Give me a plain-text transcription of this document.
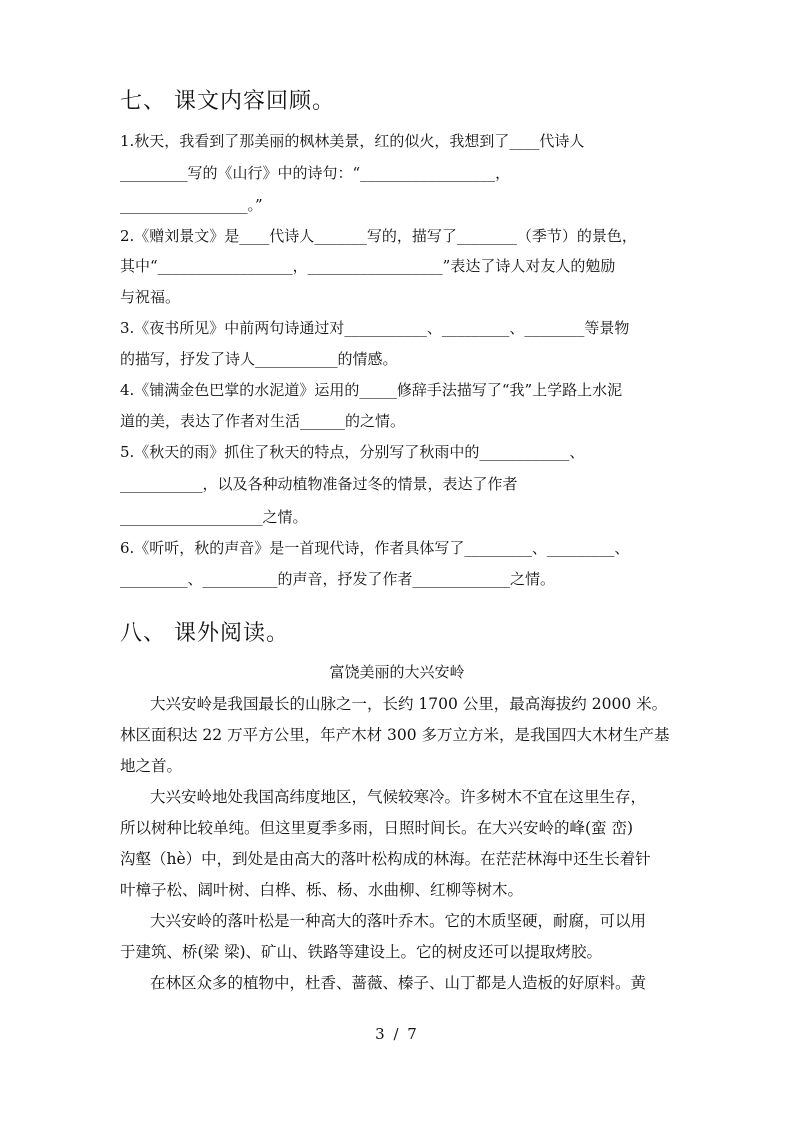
七、 课文内容回顾。
1.秋天，我看到了那美丽的枫林美景，红的似火，我想到了____代诗人
_________写的《山行》中的诗句：“__________________，
_________________。”
2.《赠刘景文》是____代诗人_______写的，描写了________（季节）的景色，
其中“__________________，__________________”表达了诗人对友人的勉励
与祝福。
3.《夜书所见》中前两句诗通过对___________、_________、________等景物
的描写，抒发了诗人___________的情感。
4.《铺满金色巴掌的水泥道》运用的_____修辞手法描写了“我”上学路上水泥
道的美，表达了作者对生活______的之情。
5.《秋天的雨》抓住了秋天的特点，分别写了秋雨中的____________、
___________，以及各种动植物准备过冬的情景，表达了作者
___________________之情。
6.《听听，秋的声音》是一首现代诗，作者具体写了_________、_________、
_________、__________的声音，抒发了作者_____________之情。
八、 课外阅读。
富饶美丽的大兴安岭
大兴安岭是我国最长的山脉之一，长约 1700 公里，最高海拔约 2000 米。
林区面积达 22 万平方公里，年产木材 300 多万立方米，是我国四大木材生产基
地之首。
大兴安岭地处我国高纬度地区，气候较寒冷。许多树木不宜在这里生存，
所以树种比较单纯。但这里夏季多雨，日照时间长。在大兴安岭的峰(蛮 峦)
沟壑（hè）中，到处是由高大的落叶松构成的林海。在茫茫林海中还生长着针
叶樟子松、阔叶树、白桦、栎、杨、水曲柳、红柳等树木。
大兴安岭的落叶松是一种高大的落叶乔木。它的木质坚硬，耐腐，可以用
于建筑、桥(梁 梁)、矿山、铁路等建设上。它的树皮还可以提取烤胶。
在林区众多的植物中，杜香、蔷薇、榛子、山丁都是人造板的好原料。黄
3 / 7
